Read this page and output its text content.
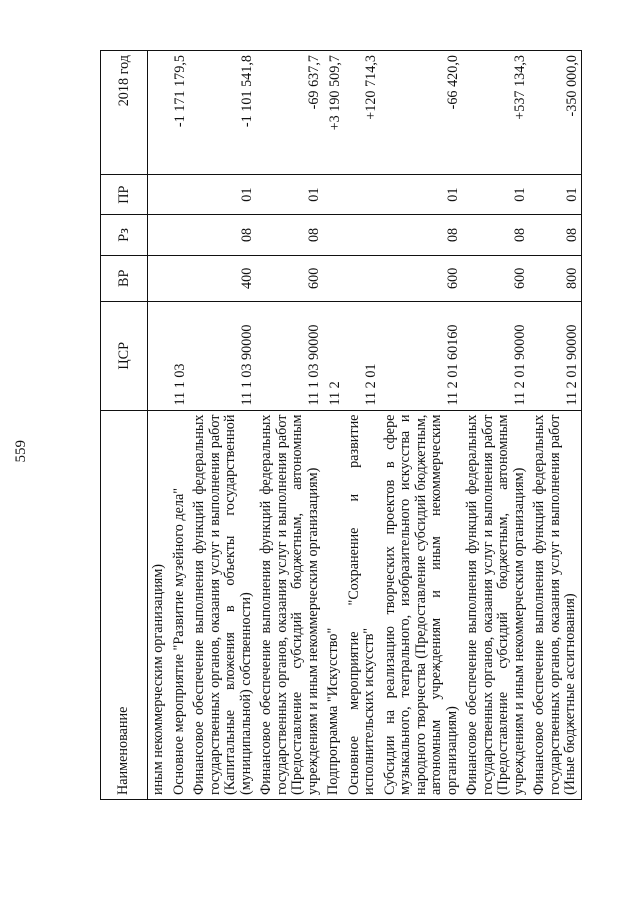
559
Наименование	ЦСР	ВР	Рз	ПР	2018 год
иным некоммерческим организациям)					
Основное мероприятие "Развитие музейного дела"	11 1 03				-1 171 179,5
Финансовое обеспечение выполнения функций федеральных государственных органов, оказания услуг и выполнения работ (Капитальные вложения в объекты государственной (муниципальной) собственности)	11 1 03 90000	400	08	01	-1 101 541,8
Финансовое обеспечение выполнения функций федеральных государственных органов, оказания услуг и выполнения работ (Предоставление субсидий бюджетным, автономным учреждениям и иным некоммерческим организациям)	11 1 03 90000	600	08	01	-69 637,7
Подпрограмма "Искусство"	11 2				+3 190 509,7
Основное мероприятие "Сохранение и развитие исполнительских искусств"	11 2 01				+120 714,3
Субсидии на реализацию творческих проектов в сфере музыкального, театрального, изобразительного искусства и народного творчества (Предоставление субсидий бюджетным, автономным учреждениям и иным некоммерческим организациям)	11 2 01 60160	600	08	01	-66 420,0
Финансовое обеспечение выполнения функций федеральных государственных органов, оказания услуг и выполнения работ (Предоставление субсидий бюджетным, автономным учреждениям и иным некоммерческим организациям)	11 2 01 90000	600	08	01	+537 134,3
Финансовое обеспечение выполнения функций федеральных государственных органов, оказания услуг и выполнения работ (Иные бюджетные ассигнования)	11 2 01 90000	800	08	01	-350 000,0
